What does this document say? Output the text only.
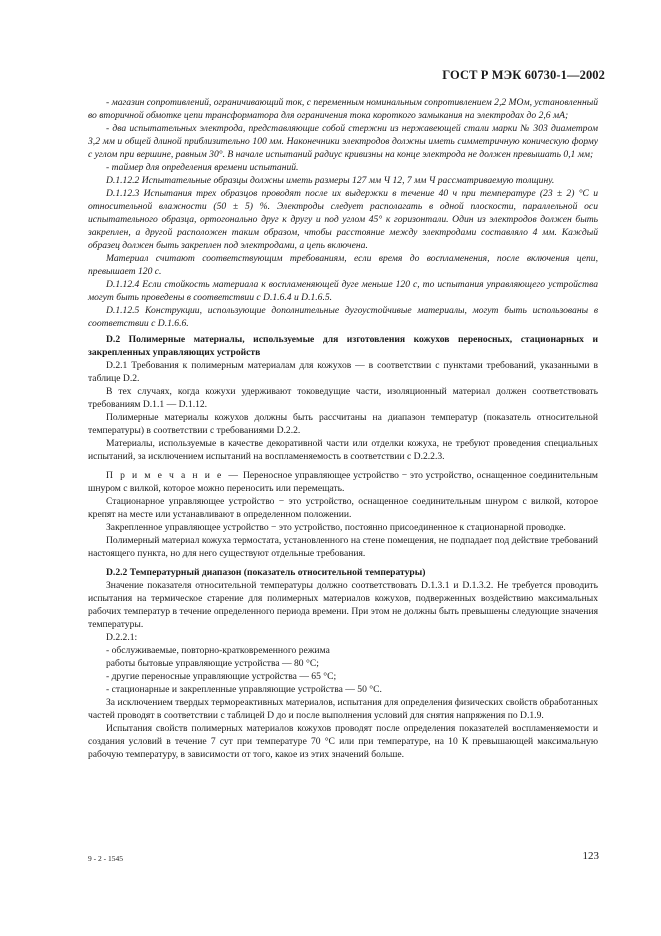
ГОСТ Р МЭК 60730-1—2002

- магазин сопротивлений, ограничивающий ток, с переменным номинальным сопротивлением 2,2 МОм, установленный во вторичной обмотке цепи трансформатора для ограничения тока короткого замыкания на электродах до 2,6 мА;

- два испытательных электрода, представляющие собой стержни из нержавеющей стали марки № 303 диаметром 3,2 мм и общей длиной приблизительно 100 мм. Наконечники электродов должны иметь симметричную коническую форму с углом при вершине, равным 30°. В начале испытаний радиус кривизны на конце электрода не должен превышать 0,1 мм;

- таймер для определения времени испытаний.

D.1.12.2 Испытательные образцы должны иметь размеры 127 мм Ч 12, 7 мм Ч рассматриваемую толщину.

D.1.12.3 Испытания трех образцов проводят после их выдержки в течение 40 ч при температуре (23 ± 2) °С и относительной влажности (50 ± 5) %. Электроды следует располагать в одной плоскости, параллельной оси испытательного образца, ортогонально друг к другу и под углом 45° к горизонтали. Один из электродов должен быть закреплен, а другой расположен таким образом, чтобы расстояние между электродами составляло 4 мм. Каждый образец должен быть закреплен под электродами, а цепь включена.

Материал считают соответствующим требованиям, если время до воспламенения, после включения цепи, превышает 120 с.

D.1.12.4 Если стойкость материала к воспламеняющей дуге меньше 120 с, то испытания управляющего устройства могут быть проведены в соответствии с D.1.6.4 и D.1.6.5.

D.1.12.5 Конструкции, использующие дополнительные дугоустойчивые материалы, могут быть использованы в соответствии с D.1.6.6.

D.2 Полимерные материалы, используемые для изготовления кожухов переносных, стационарных и закрепленных управляющих устройств

D.2.1 Требования к полимерным материалам для кожухов — в соответствии с пунктами требований, указанными в таблице D.2.

В тех случаях, когда кожухи удерживают токоведущие части, изоляционный материал должен соответствовать требованиям D.1.1 — D.1.12.

Полимерные материалы кожухов должны быть рассчитаны на диапазон температур (показатель относительной температуры) в соответствии с требованиями D.2.2.

Материалы, используемые в качестве декоративной части или отделки кожуха, не требуют проведения специальных испытаний, за исключением испытаний на воспламеняемость в соответствии с D.2.2.3.

П р и м е ч а н и е — Переносное управляющее устройство − это устройство, оснащенное соединительным шнуром с вилкой, которое можно переносить или перемещать.

Стационарное управляющее устройство − это устройство, оснащенное соединительным шнуром с вилкой, которое крепят на месте или устанавливают в определенном положении.

Закрепленное управляющее устройство − это устройство, постоянно присоединенное к стационарной проводке.

Полимерный материал кожуха термостата, установленного на стене помещения, не подпадает под действие требований настоящего пункта, но для него существуют отдельные требования.

D.2.2 Температурный диапазон (показатель относительной температуры)

Значение показателя относительной температуры должно соответствовать D.1.3.1 и D.1.3.2. Не требуется проводить испытания на термическое старение для полимерных материалов кожухов, подверженных воздействию максимальных рабочих температур в течение определенного периода времени. При этом не должны быть превышены следующие значения температуры.

D.2.2.1:

- обслуживаемые, повторно-кратковременного режима

работы бытовые управляющие устройства — 80 °С;

- другие переносные управляющие устройства — 65 °С;

- стационарные и закрепленные управляющие устройства — 50 °С.

За исключением твердых термореактивных материалов, испытания для определения физических свойств обработанных частей проводят в соответствии с таблицей D до и после выполнения условий для снятия напряжения по D.1.9.

Испытания свойств полимерных материалов кожухов проводят после определения показателей воспламеняемости и создания условий в течение 7 сут при температуре 70 °С или при температуре, на 10 К превышающей максимальную рабочую температуру, в зависимости от того, какое из этих значений больше.

9 - 2 - 1545	123
